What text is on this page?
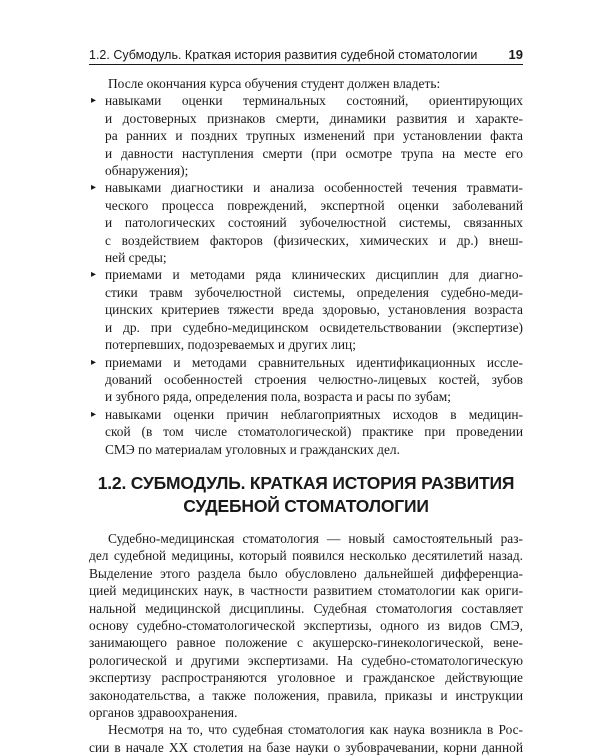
1.2. Субмодуль. Краткая история развития судебной стоматологии 19
После окончания курса обучения студент должен владеть:
▸ навыками оценки терминальных состояний, ориентирующих
и достоверных признаков смерти, динамики развития и характе-
ра ранних и поздних трупных изменений при установлении факта
и давности наступления смерти (при осмотре трупа на месте его
обнаружения);
▸ навыками диагностики и анализа особенностей течения травмати-
ческого процесса повреждений, экспертной оценки заболеваний
и патологических состояний зубочелюстной системы, связанных
с воздействием факторов (физических, химических и др.) внеш-
ней среды;
▸ приемами и методами ряда клинических дисциплин для диагно-
стики травм зубочелюстной системы, определения судебно-меди-
цинских критериев тяжести вреда здоровью, установления возраста
и др. при судебно-медицинском освидетельствовании (экспертизе)
потерпевших, подозреваемых и других лиц;
▸ приемами и методами сравнительных идентификационных иссле-
дований особенностей строения челюстно-лицевых костей, зубов
и зубного ряда, определения пола, возраста и расы по зубам;
▸ навыками оценки причин неблагоприятных исходов в медицин-
ской (в том числе стоматологической) практике при проведении
СМЭ по материалам уголовных и гражданских дел.
1.2. СУБМОДУЛЬ. КРАТКАЯ ИСТОРИЯ РАЗВИТИЯ
СУДЕБНОЙ СТОМАТОЛОГИИ
Судебно-медицинская стоматология — новый самостоятельный раз-
дел судебной медицины, который появился несколько десятилетий назад.
Выделение этого раздела было обусловлено дальнейшей дифференциа-
цией медицинских наук, в частности развитием стоматологии как ориги-
нальной медицинской дисциплины. Судебная стоматология составляет
основу судебно-стоматологической экспертизы, одного из видов СМЭ,
занимающего равное положение с акушерско-гинекологической, вене-
рологической и другими экспертизами. На судебно-стоматологическую
экспертизу распространяются уголовное и гражданское действующие
законодательства, а также положения, правила, приказы и инструкции
органов здравоохранения.
Несмотря на то, что судебная стоматология как наука возникла в Рос-
сии в начале XX столетия на базе науки о зубоврачевании, корни данной
